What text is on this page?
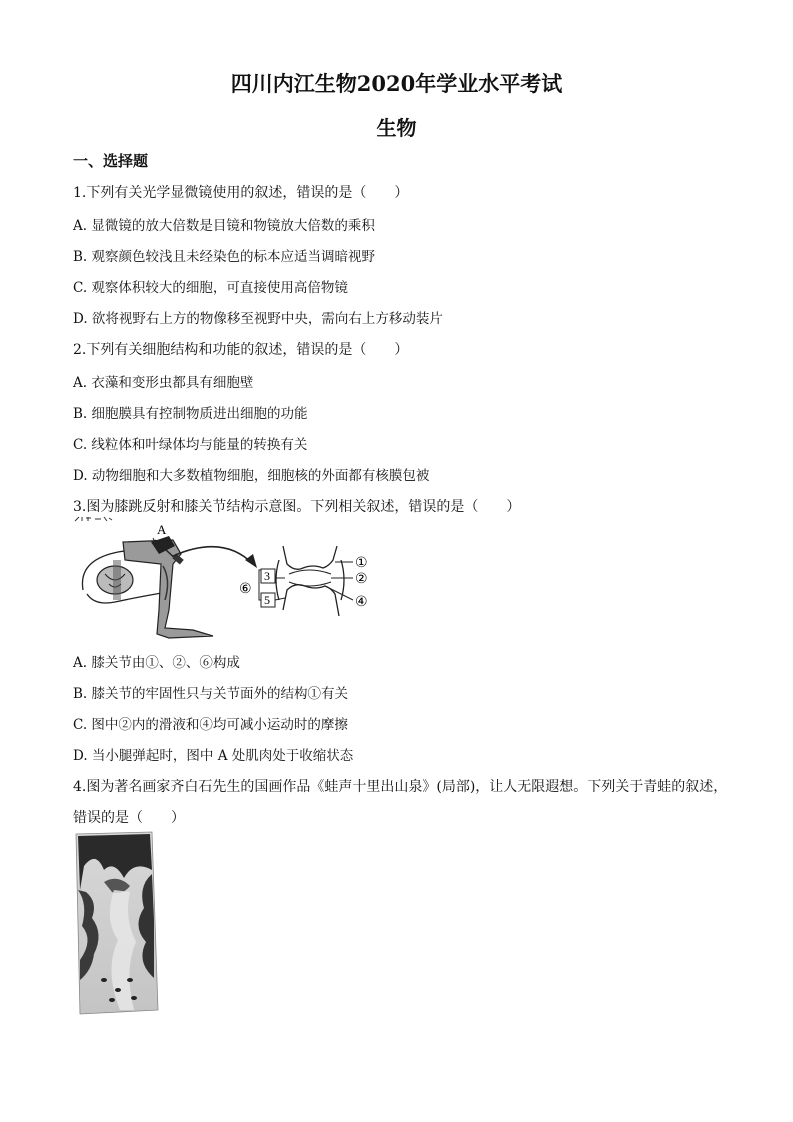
四川内江生物2020年学业水平考试
生物
一、选择题
1.下列有关光学显微镜使用的叙述，错误的是（　　）
A. 显微镜的放大倍数是目镜和物镜放大倍数的乘积
B. 观察颜色较浅且未经染色的标本应适当调暗视野
C. 观察体积较大的细胞，可直接使用高倍物镜
D. 欲将视野右上方的物像移至视野中央，需向右上方移动装片
2.下列有关细胞结构和功能的叙述，错误的是（　　）
A. 衣藻和变形虫都具有细胞壁
B. 细胞膜具有控制物质进出细胞的功能
C. 线粒体和叶绿体均与能量的转换有关
D. 动物细胞和大多数植物细胞，细胞核的外面都有核膜包被
3.图为膝跳反射和膝关节结构示意图。下列相关叙述，错误的是（　　）
A
3
5
⑥
①
②
④
A. 膝关节由①、②、⑥构成
B. 膝关节的牢固性只与关节面外的结构①有关
C. 图中②内的滑液和④均可减小运动时的摩擦
D. 当小腿弹起时，图中 A 处肌肉处于收缩状态
4.图为著名画家齐白石先生的国画作品《蛙声十里出山泉》(局部)，让人无限遐想。下列关于青蛙的叙述，
错误的是（　　）
